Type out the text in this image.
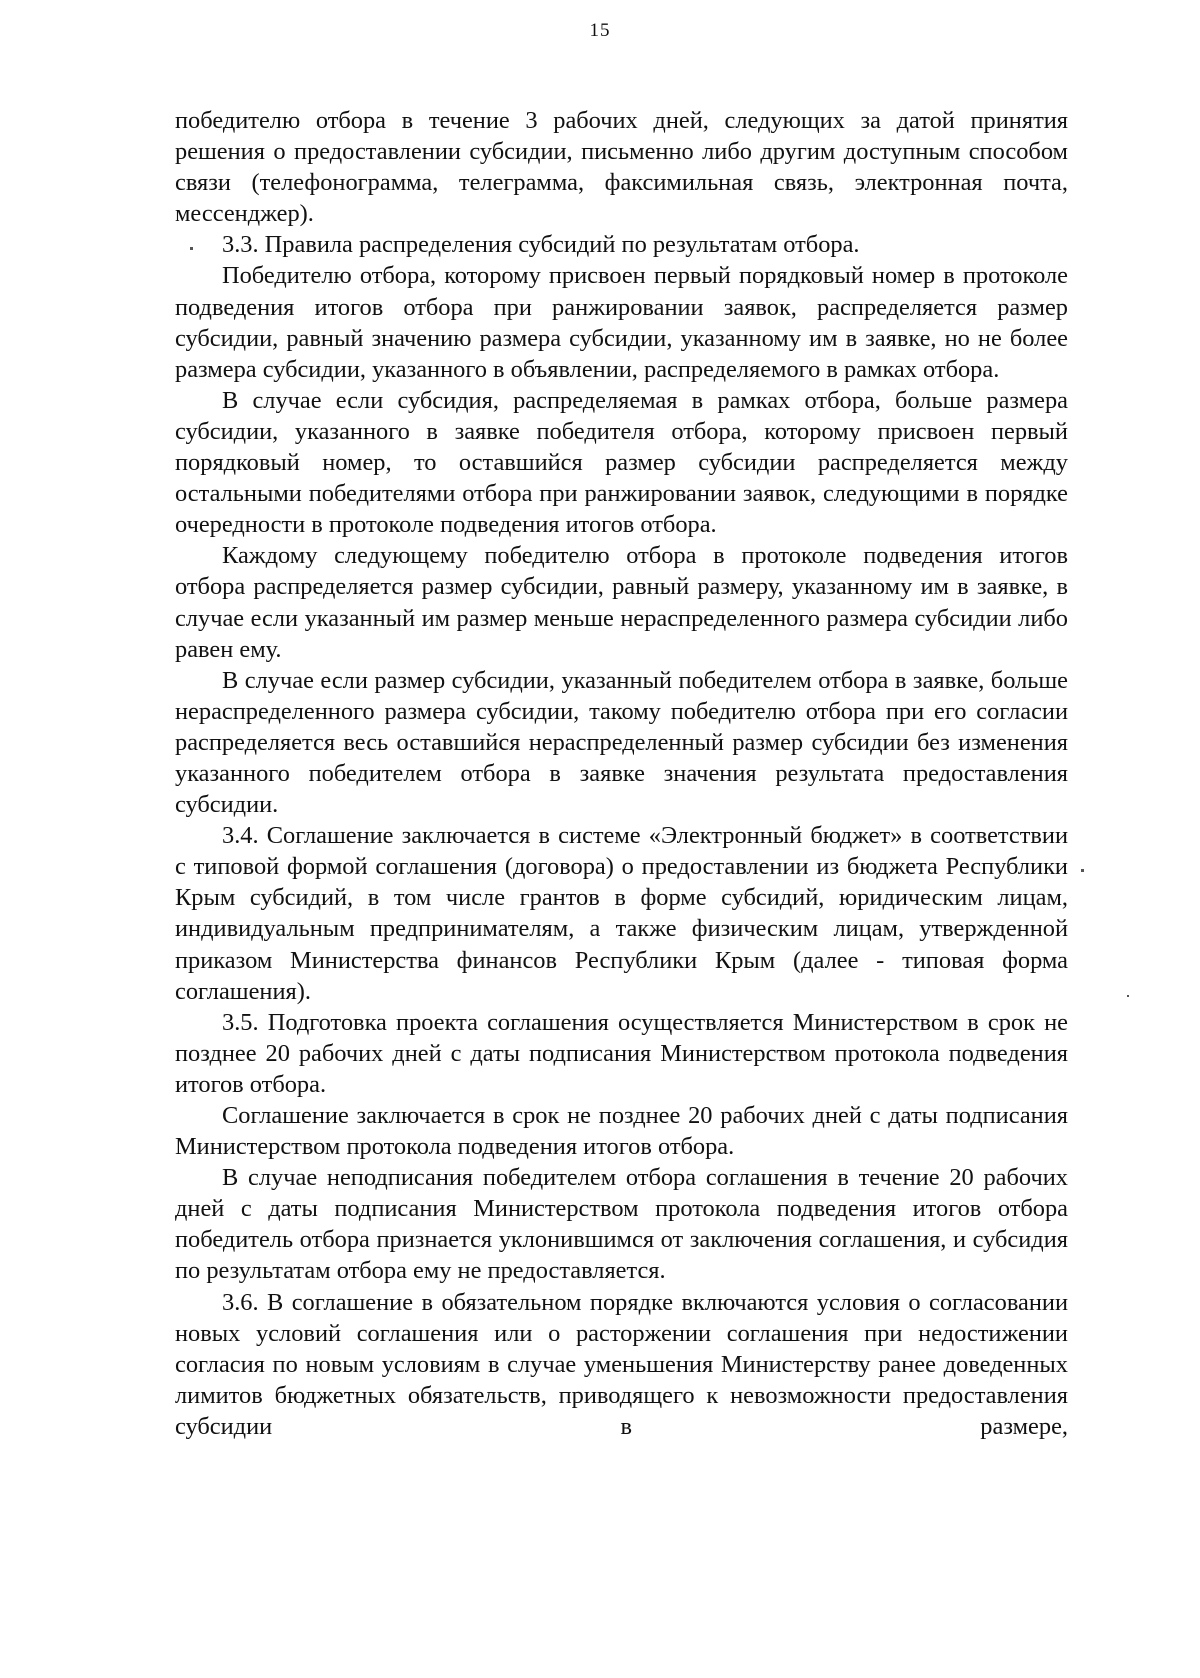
15

победителю отбора в течение 3 рабочих дней, следующих за датой принятия решения о предоставлении субсидии, письменно либо другим доступным способом связи (телефонограмма, телеграмма, факсимильная связь, электронная почта, мессенджер).

3.3. Правила распределения субсидий по результатам отбора.

Победителю отбора, которому присвоен первый порядковый номер в протоколе подведения итогов отбора при ранжировании заявок, распределяется размер субсидии, равный значению размера субсидии, указанному им в заявке, но не более размера субсидии, указанного в объявлении, распределяемого в рамках отбора.

В случае если субсидия, распределяемая в рамках отбора, больше размера субсидии, указанного в заявке победителя отбора, которому присвоен первый порядковый номер, то оставшийся размер субсидии распределяется между остальными победителями отбора при ранжировании заявок, следующими в порядке очередности в протоколе подведения итогов отбора.

Каждому следующему победителю отбора в протоколе подведения итогов отбора распределяется размер субсидии, равный размеру, указанному им в заявке, в случае если указанный им размер меньше нераспределенного размера субсидии либо равен ему.

В случае если размер субсидии, указанный победителем отбора в заявке, больше нераспределенного размера субсидии, такому победителю отбора при его согласии распределяется весь оставшийся нераспределенный размер субсидии без изменения указанного победителем отбора в заявке значения результата предоставления субсидии.

3.4. Соглашение заключается в системе «Электронный бюджет» в соответствии с типовой формой соглашения (договора) о предоставлении из бюджета Республики Крым субсидий, в том числе грантов в форме субсидий, юридическим лицам, индивидуальным предпринимателям, а также физическим лицам, утвержденной приказом Министерства финансов Республики Крым (далее - типовая форма соглашения).

3.5. Подготовка проекта соглашения осуществляется Министерством в срок не позднее 20 рабочих дней с даты подписания Министерством протокола подведения итогов отбора.

Соглашение заключается в срок не позднее 20 рабочих дней с даты подписания Министерством протокола подведения итогов отбора.

В случае неподписания победителем отбора соглашения в течение 20 рабочих дней с даты подписания Министерством протокола подведения итогов отбора победитель отбора признается уклонившимся от заключения соглашения, и субсидия по результатам отбора ему не предоставляется.

3.6. В соглашение в обязательном порядке включаются условия о согласовании новых условий соглашения или о расторжении соглашения при недостижении согласия по новым условиям в случае уменьшения Министерству ранее доведенных лимитов бюджетных обязательств, приводящего к невозможности предоставления субсидии в размере,
